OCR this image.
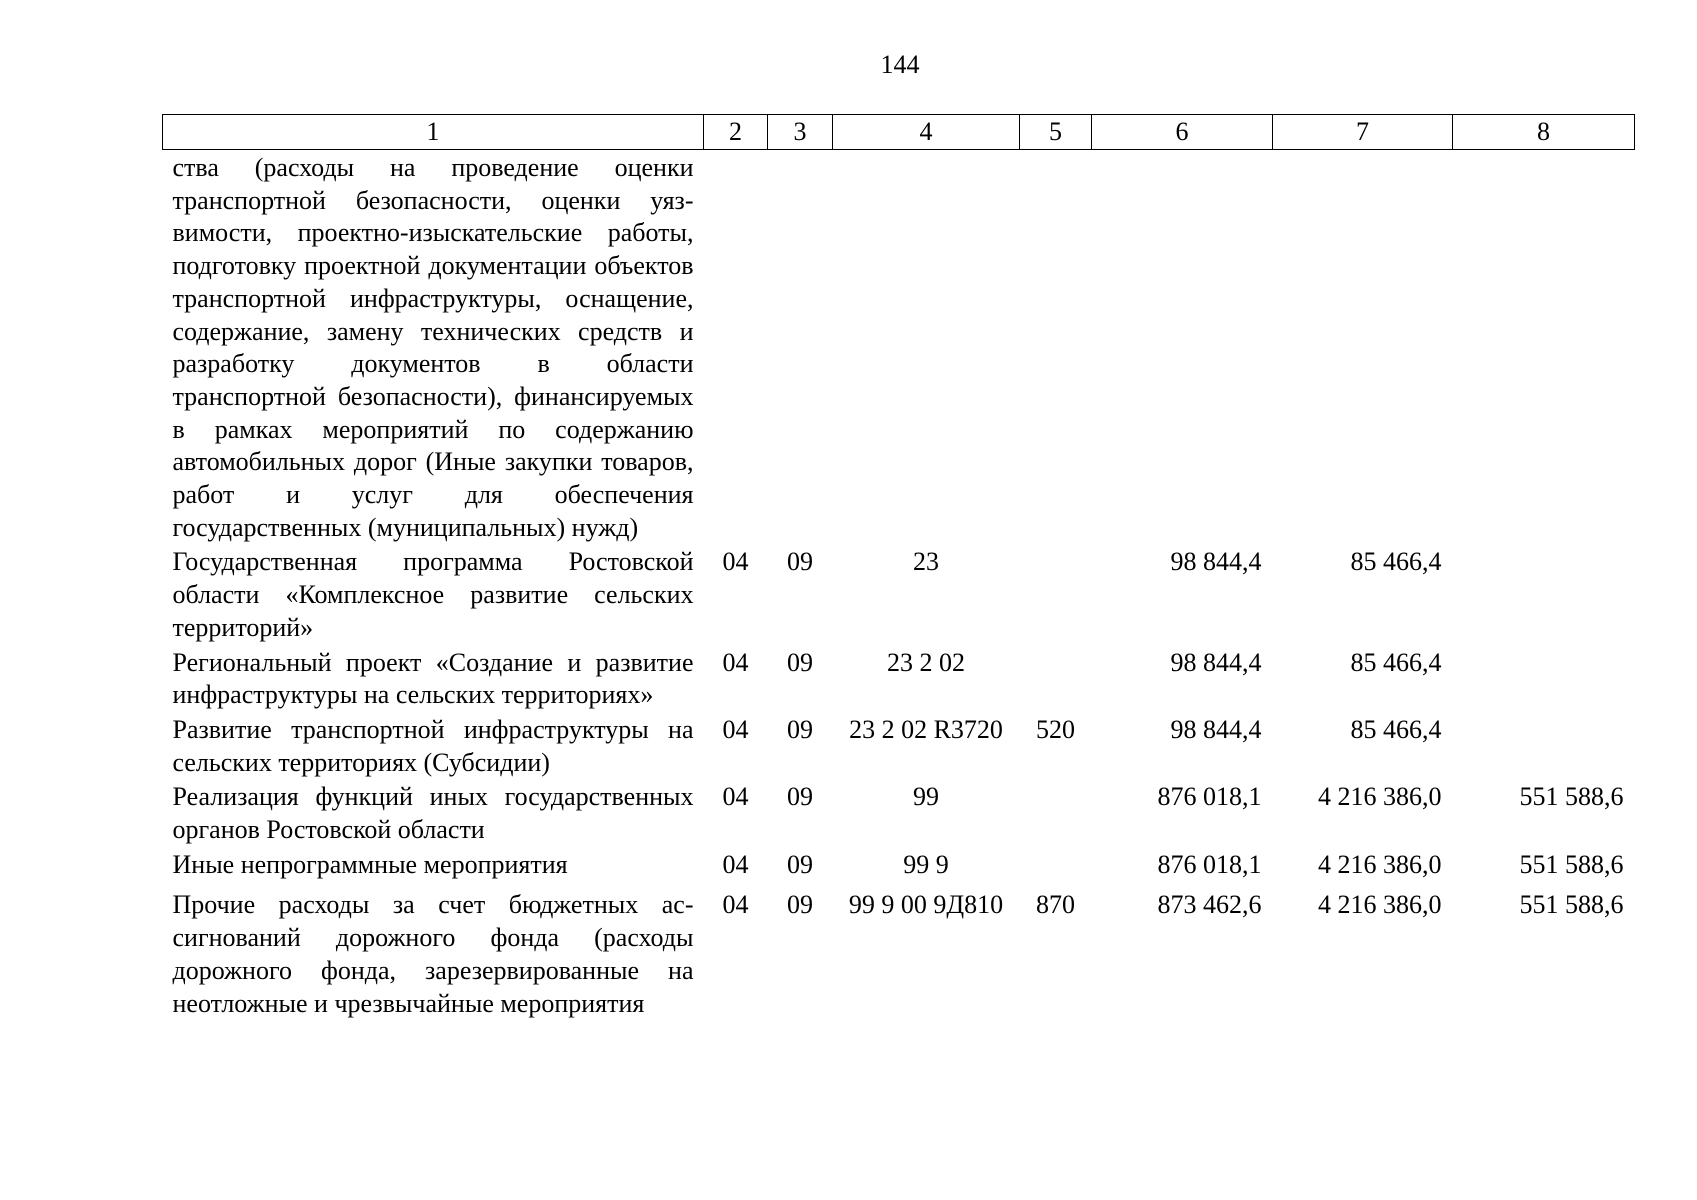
144
1	2	3	4	5	6	7	8
ства (расходы на проведение оценки транспортной безопасности, оценки уязвимости, проектно-изыскательские работы, подготовку проектной документации объектов транспортной инфраструктуры, оснащение, содержание, замену технических средств и разработку документов в области транспортной безопасности), финансируемых в рамках мероприятий по содержанию автомобильных дорог (Иные закупки товаров, работ и услуг для обеспечения государственных (муниципальных) нужд)							
Государственная программа Ростовской области «Комплексное развитие сельских территорий»	04	09	23		98 844,4	85 466,4	
Региональный проект «Создание и развитие инфраструктуры на сельских территориях»	04	09	23 2 02		98 844,4	85 466,4	
Развитие транспортной инфраструктуры на сельских территориях (Субсидии)	04	09	23 2 02 R3720	520	98 844,4	85 466,4	
Реализация функций иных государственных органов Ростовской области	04	09	99		876 018,1	4 216 386,0	551 588,6
Иные непрограммные мероприятия	04	09	99 9		876 018,1	4 216 386,0	551 588,6
Прочие расходы за счет бюджетных ассигнований дорожного фонда (расходы дорожного фонда, зарезервированные на неотложные и чрезвычайные мероприятия	04	09	99 9 00 9Д810	870	873 462,6	4 216 386,0	551 588,6
